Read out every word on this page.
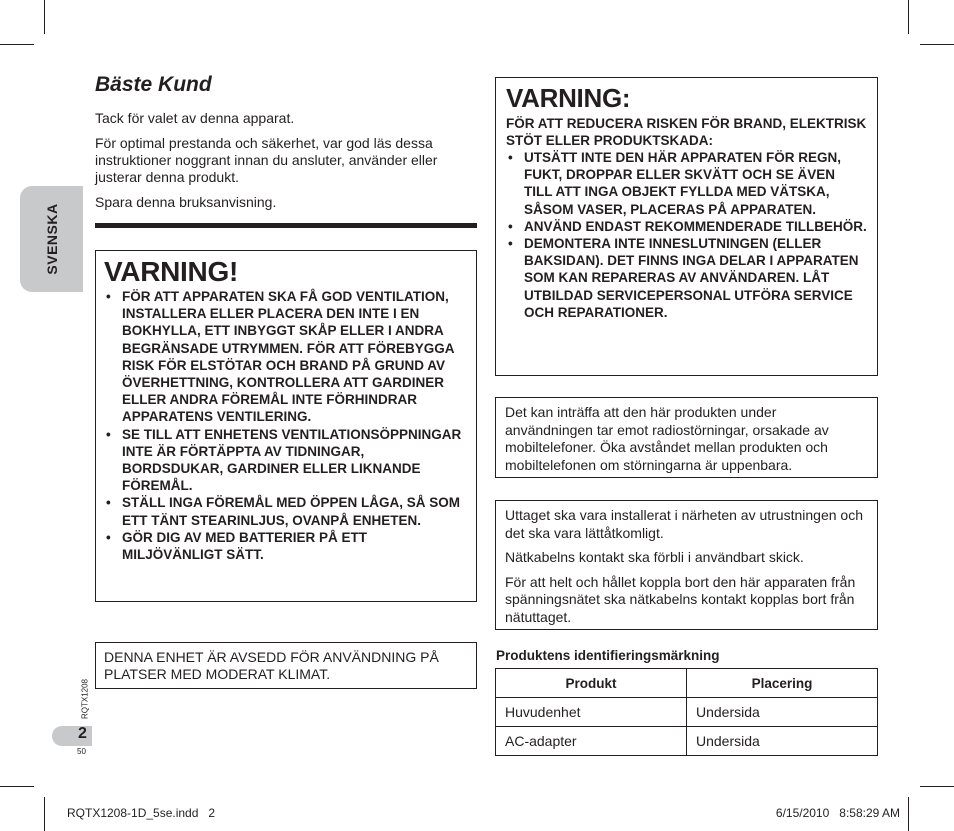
SVENSKA
RQTX1208
2
50
Bäste Kund

Tack för valet av denna apparat.

För optimal prestanda och säkerhet, var god läs dessa instruktioner noggrant innan du ansluter, använder eller justerar denna produkt.

Spara denna bruksanvisning.

VARNING!
• FÖR ATT APPARATEN SKA FÅ GOD VENTILATION, INSTALLERA ELLER PLACERA DEN INTE I EN BOKHYLLA, ETT INBYGGT SKÅP ELLER I ANDRA BEGRÄNSADE UTRYMMEN. FÖR ATT FÖREBYGGA RISK FÖR ELSTÖTAR OCH BRAND PÅ GRUND AV ÖVERHETTNING, KONTROLLERA ATT GARDINER ELLER ANDRA FÖREMÅL INTE FÖRHINDRAR APPARATENS VENTILERING.
• SE TILL ATT ENHETENS VENTILATIONSÖPPNINGAR INTE ÄR FÖRTÄPPTA AV TIDNINGAR, BORDSDUKAR, GARDINER ELLER LIKNANDE FÖREMÅL.
• STÄLL INGA FÖREMÅL MED ÖPPEN LÅGA, SÅ SOM ETT TÄNT STEARINLJUS, OVANPÅ ENHETEN.
• GÖR DIG AV MED BATTERIER PÅ ETT MILJÖVÄNLIGT SÄTT.
DENNA ENHET ÄR AVSEDD FÖR ANVÄNDNING PÅ PLATSER MED MODERAT KLIMAT.
VARNING:
FÖR ATT REDUCERA RISKEN FÖR BRAND, ELEKTRISK STÖT ELLER PRODUKTSKADA:
• UTSÄTT INTE DEN HÄR APPARATEN FÖR REGN, FUKT, DROPPAR ELLER SKVÄTT OCH SE ÄVEN TILL ATT INGA OBJEKT FYLLDA MED VÄTSKA, SÅSOM VASER, PLACERAS PÅ APPARATEN.
• ANVÄND ENDAST REKOMMENDERADE TILLBEHÖR.
• DEMONTERA INTE INNESLUTNINGEN (ELLER BAKSIDAN). DET FINNS INGA DELAR I APPARATEN SOM KAN REPARERAS AV ANVÄNDAREN. LÅT UTBILDAD SERVICEPERSONAL UTFÖRA SERVICE OCH REPARATIONER.
Det kan inträffa att den här produkten under användningen tar emot radiostörningar, orsakade av mobiltelefoner. Öka avståndet mellan produkten och mobiltelefonen om störningarna är uppenbara.

Uttaget ska vara installerat i närheten av utrustningen och det ska vara lättåtkomligt.

Nätkabelns kontakt ska förbli i användbart skick.

För att helt och hållet koppla bort den här apparaten från spänningsnätet ska nätkabelns kontakt kopplas bort från nätuttaget.

Produktens identifieringsmärkning
Produkt	Placering
Huvudenhet	Undersida
AC-adapter	Undersida
RQTX1208-1D_5se.indd   2	6/15/2010   8:58:29 AM
